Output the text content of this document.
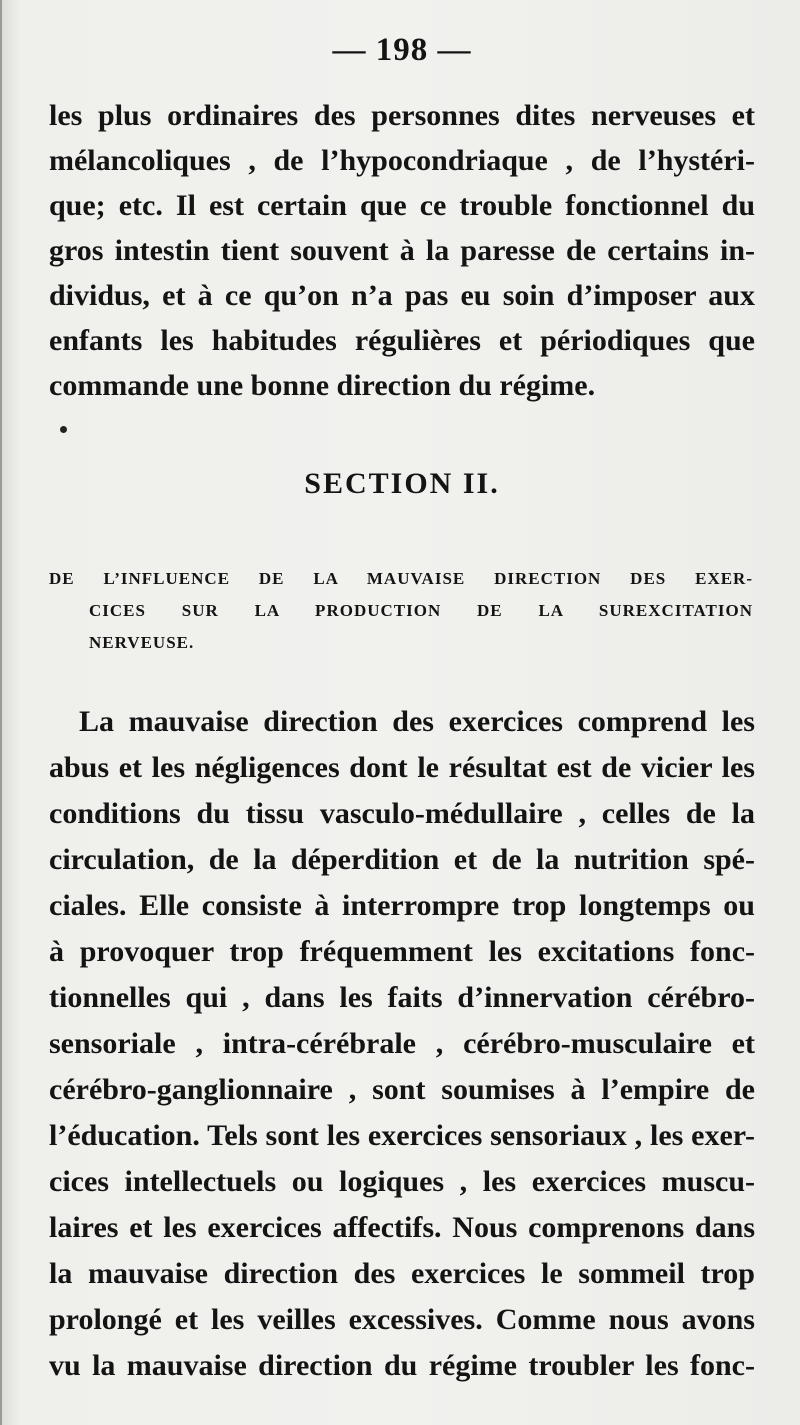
— 198 —
les plus ordinaires des personnes dites nerveuses et
mélancoliques , de l’hypocondriaque , de l’hystéri-
que; etc. Il est certain que ce trouble fonctionnel du
gros intestin tient souvent à la paresse de certains in-
dividus, et à ce qu’on n’a pas eu soin d’imposer aux
enfants les habitudes régulières et périodiques que
commande une bonne direction du régime.
SECTION II.
DE L’INFLUENCE DE LA MAUVAISE DIRECTION DES EXER-
CICES SUR LA PRODUCTION DE LA SUREXCITATION
NERVEUSE.
La mauvaise direction des exercices comprend les
abus et les négligences dont le résultat est de vicier les
conditions du tissu vasculo-médullaire , celles de la
circulation, de la déperdition et de la nutrition spé-
ciales. Elle consiste à interrompre trop longtemps ou
à provoquer trop fréquemment les excitations fonc-
tionnelles qui , dans les faits d’innervation cérébro-
sensoriale , intra-cérébrale , cérébro-musculaire et
cérébro-ganglionnaire , sont soumises à l’empire de
l’éducation. Tels sont les exercices sensoriaux , les exer-
cices intellectuels ou logiques , les exercices muscu-
laires et les exercices affectifs. Nous comprenons dans
la mauvaise direction des exercices le sommeil trop
prolongé et les veilles excessives. Comme nous avons
vu la mauvaise direction du régime troubler les fonc-
